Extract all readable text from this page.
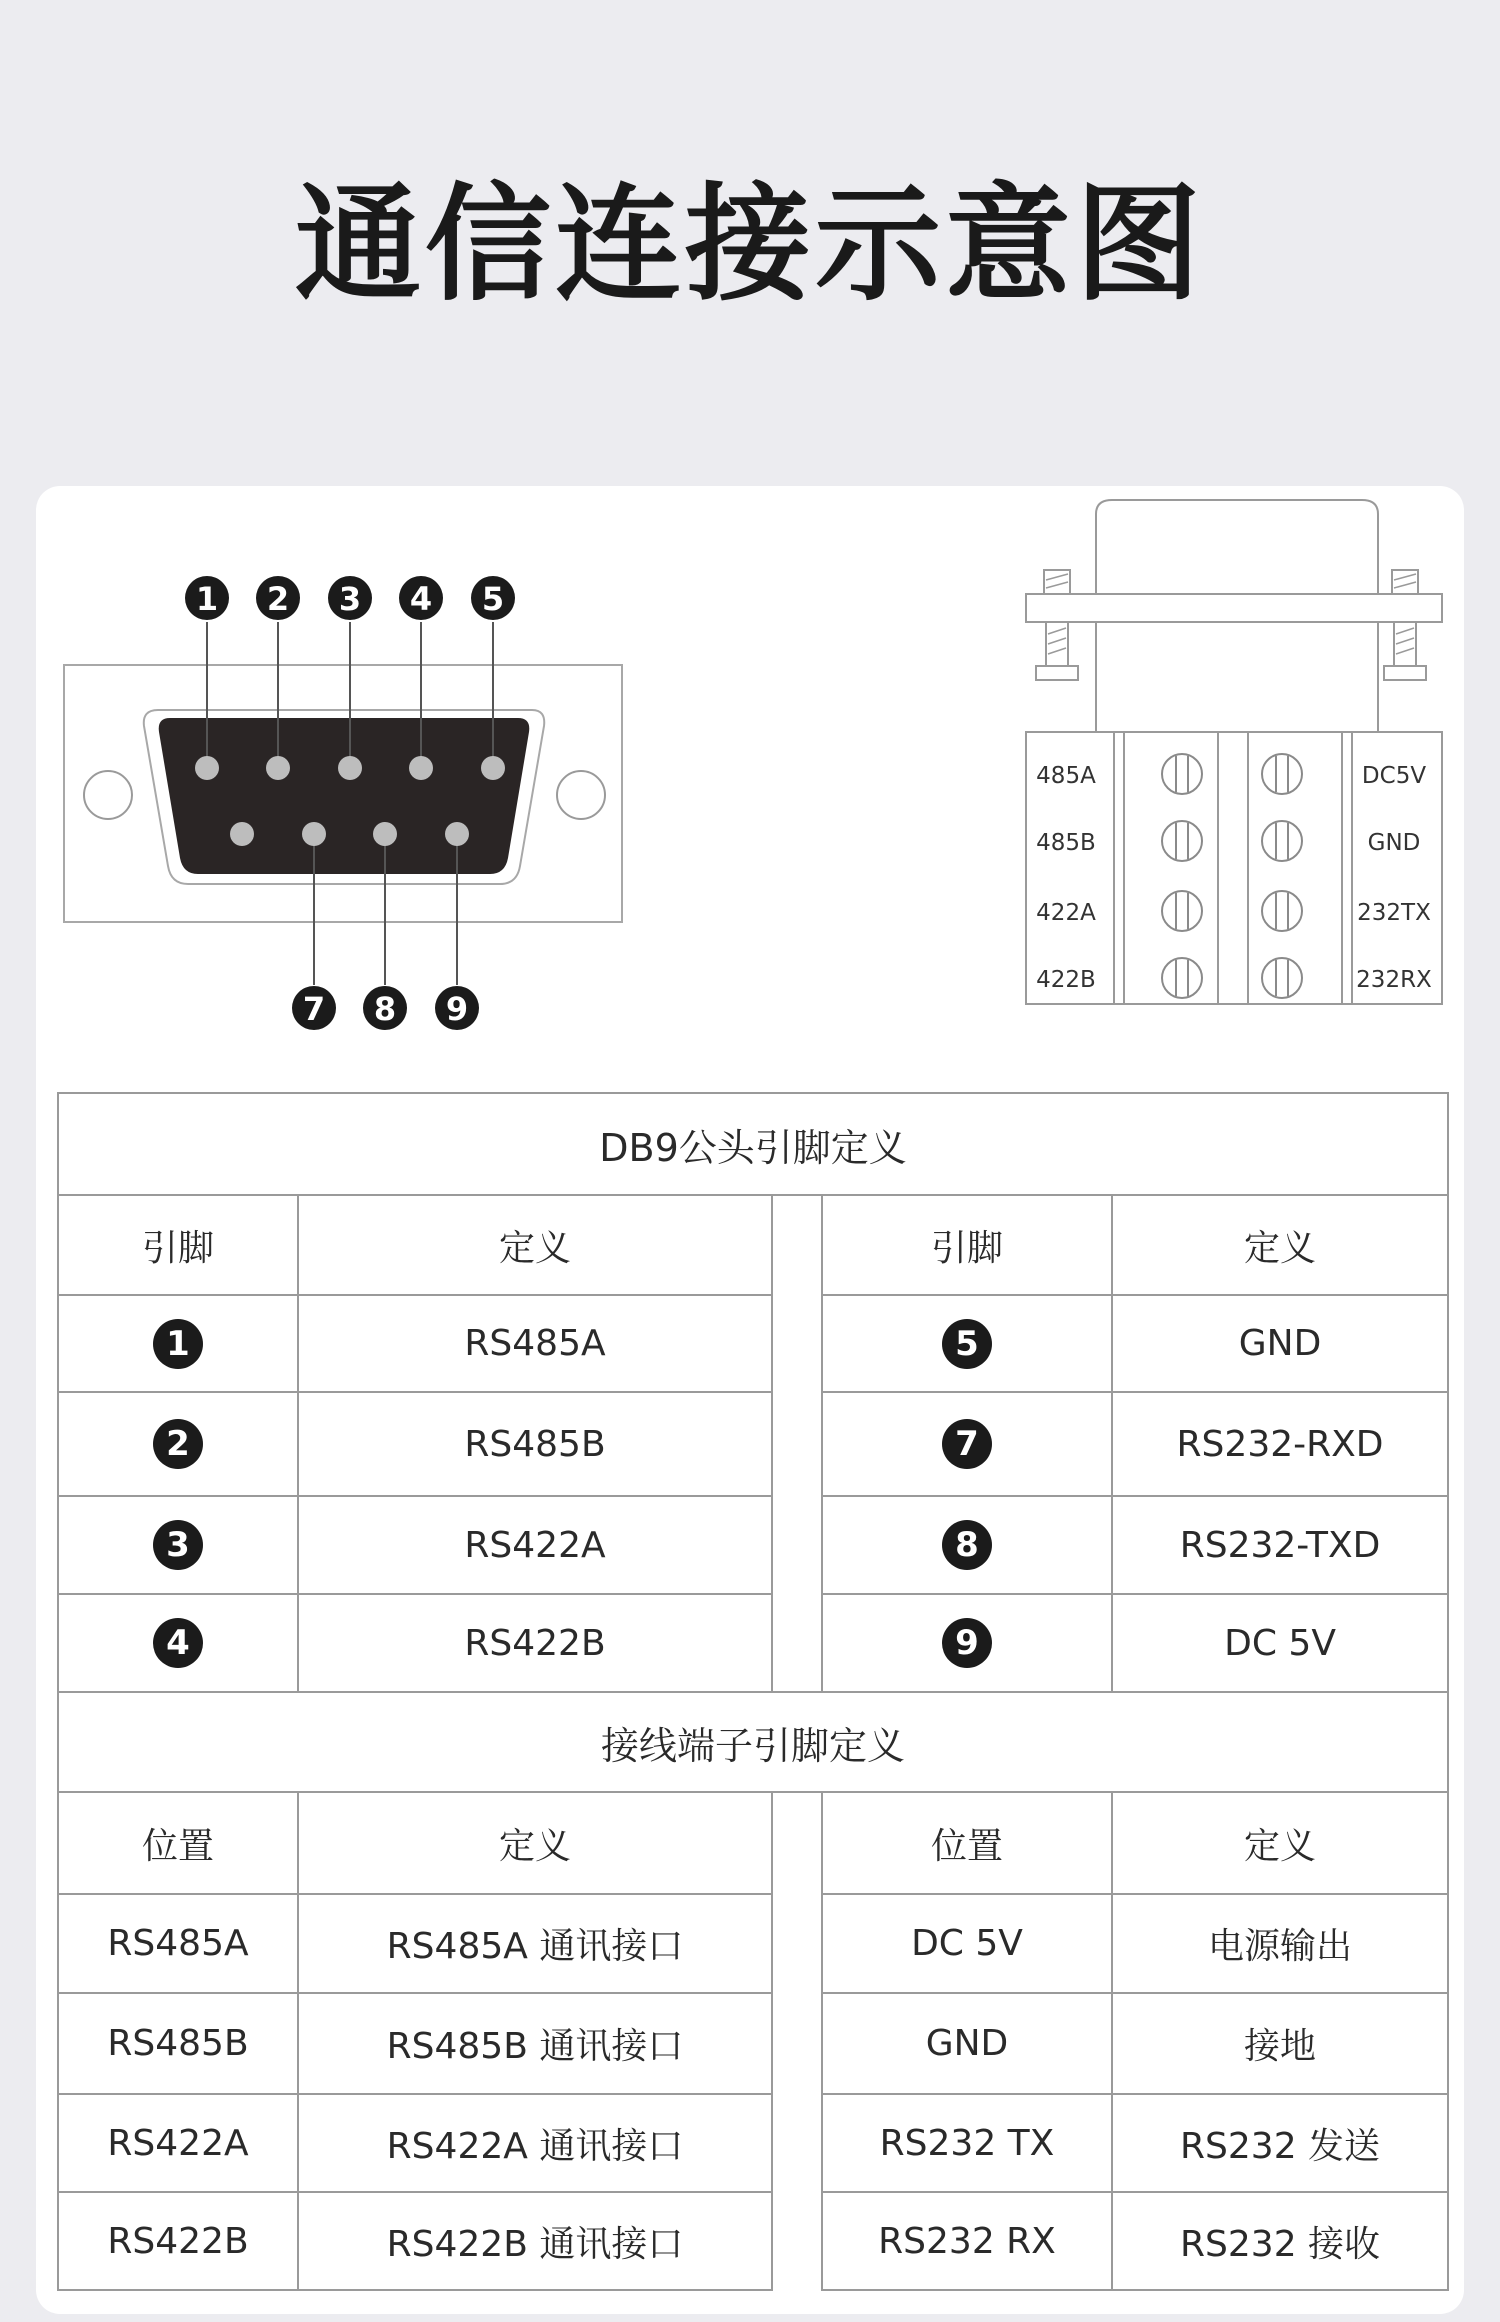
通信连接示意图
1 2 3 4 5
7 8 9
485A
485B
422A
422B
DC5V
GND
232TX
232RX
DB9公头引脚定义				
引脚	定义		引脚	定义
1	RS485A		5	GND
2	RS485B		7	RS232-RXD
3	RS422A		8	RS232-TXD
4	RS422B		9	DC 5V
接线端子引脚定义				
位置	定义		位置	定义
RS485A	RS485A 通讯接口		DC 5V	电源输出
RS485B	RS485B 通讯接口		GND	接地
RS422A	RS422A 通讯接口		RS232 TX	RS232 发送
RS422B	RS422B 通讯接口		RS232 RX	RS232 接收
